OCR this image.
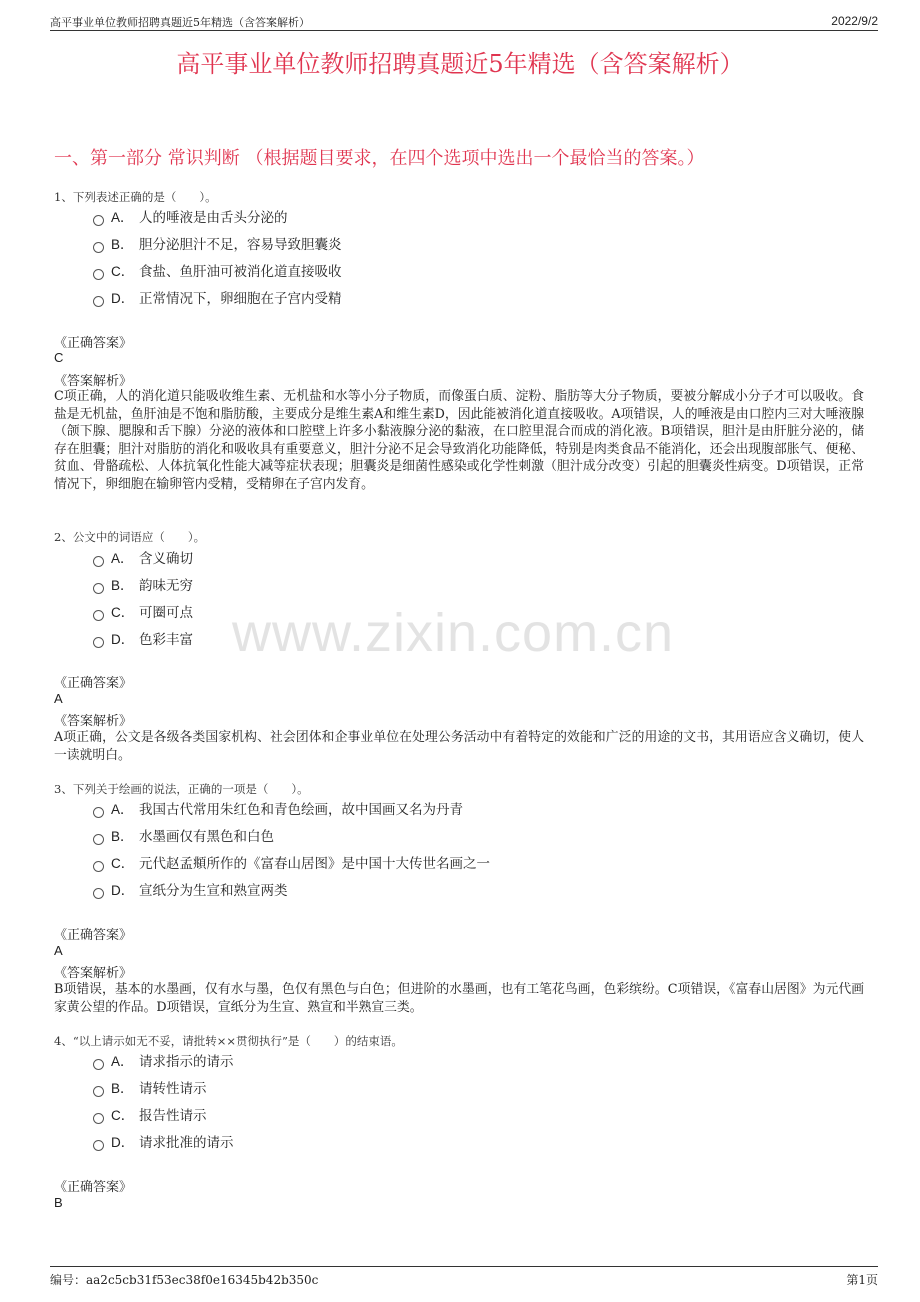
高平事业单位教师招聘真题近5年精选（含答案解析）	2022/9/2
高平事业单位教师招聘真题近5年精选（含答案解析）
一、第一部分 常识判断 （根据题目要求，在四个选项中选出一个最恰当的答案。）
www.zixin.com.cn
1、下列表述正确的是（　　）。
A． 人的唾液是由舌头分泌的
B． 胆分泌胆汁不足，容易导致胆囊炎
C． 食盐、鱼肝油可被消化道直接吸收
D． 正常情况下，卵细胞在子宫内受精
《正确答案》
C
《答案解析》
C项正确，人的消化道只能吸收维生素、无机盐和水等小分子物质，而像蛋白质、淀粉、脂肪等大分子物质，要被分解成小分子才可以吸收。食盐是无机盐，鱼肝油是不饱和脂肪酸，主要成分是维生素A和维生素D，因此能被消化道直接吸收。A项错误，人的唾液是由口腔内三对大唾液腺（颌下腺、腮腺和舌下腺）分泌的液体和口腔壁上许多小黏液腺分泌的黏液，在口腔里混合而成的消化液。B项错误，胆汁是由肝脏分泌的，储存在胆囊；胆汁对脂肪的消化和吸收具有重要意义，胆汁分泌不足会导致消化功能降低，特别是肉类食品不能消化，还会出现腹部胀气、便秘、贫血、骨骼疏松、人体抗氧化性能大减等症状表现；胆囊炎是细菌性感染或化学性刺激（胆汁成分改变）引起的胆囊炎性病变。D项错误，正常情况下，卵细胞在输卵管内受精，受精卵在子宫内发育。
2、公文中的词语应（　　）。
A． 含义确切
B． 韵味无穷
C． 可圈可点
D． 色彩丰富
《正确答案》
A
《答案解析》
A项正确，公文是各级各类国家机构、社会团体和企事业单位在处理公务活动中有着特定的效能和广泛的用途的文书，其用语应含义确切，使人一读就明白。
3、下列关于绘画的说法，正确的一项是（　　）。
A． 我国古代常用朱红色和青色绘画，故中国画又名为丹青
B． 水墨画仅有黑色和白色
C． 元代赵孟頫所作的《富春山居图》是中国十大传世名画之一
D． 宣纸分为生宣和熟宣两类
《正确答案》
A
《答案解析》
B项错误，基本的水墨画，仅有水与墨，色仅有黑色与白色；但进阶的水墨画，也有工笔花鸟画，色彩缤纷。C项错误，《富春山居图》为元代画家黄公望的作品。D项错误，宣纸分为生宣、熟宣和半熟宣三类。
4、“以上请示如无不妥，请批转××贯彻执行”是（　　）的结束语。
A． 请求指示的请示
B． 请转性请示
C． 报告性请示
D． 请求批准的请示
《正确答案》
B
编号：aa2c5cb31f53ec38f0e16345b42b350c	第1页
